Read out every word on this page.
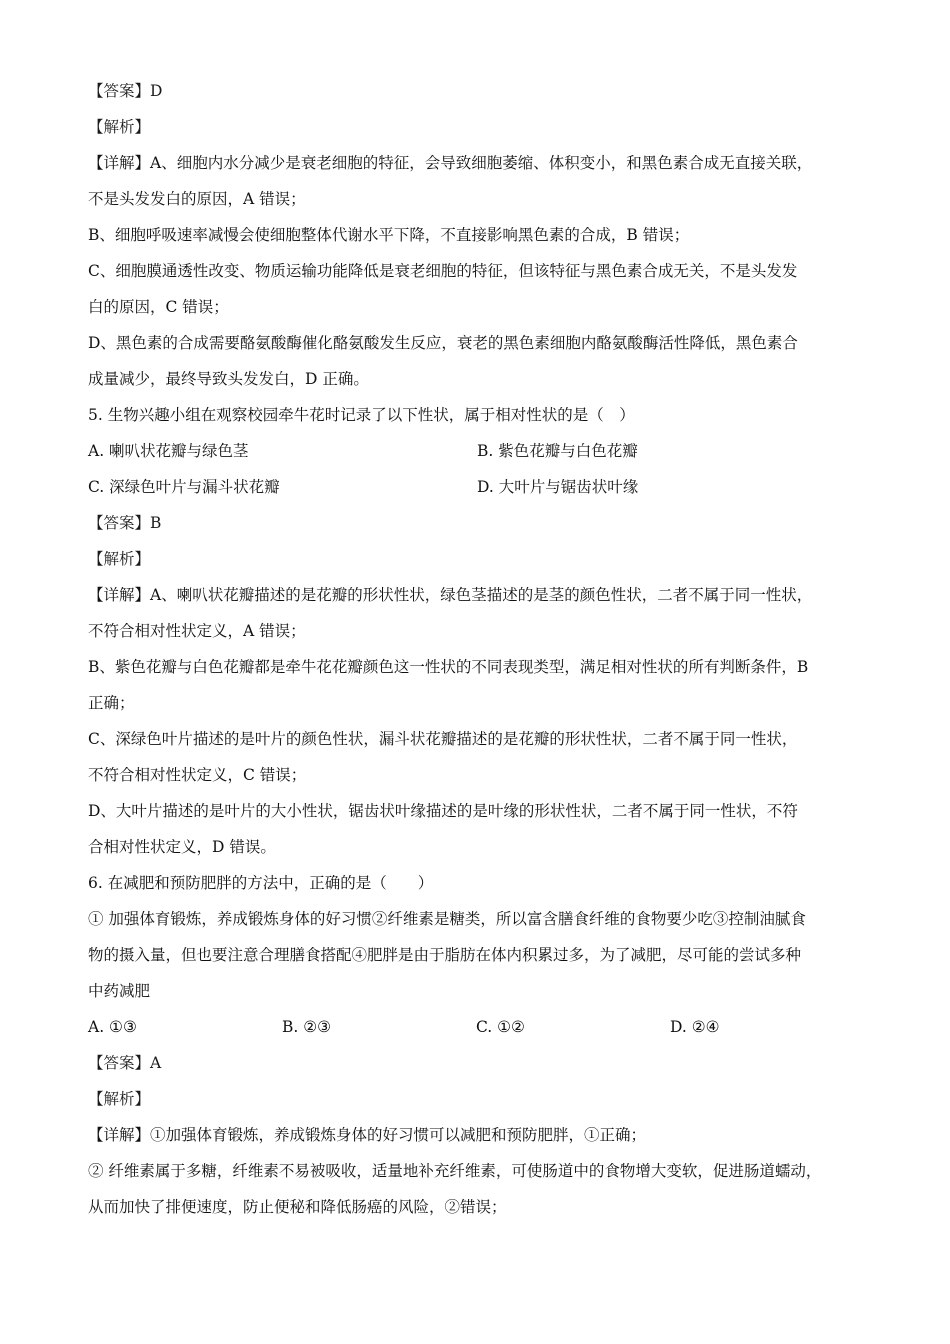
【答案】D
【解析】
【详解】A、细胞内水分减少是衰老细胞的特征，会导致细胞萎缩、体积变小，和黑色素合成无直接关联，
不是头发发白的原因，A 错误；
B、细胞呼吸速率减慢会使细胞整体代谢水平下降，不直接影响黑色素的合成，B 错误；
C、细胞膜通透性改变、物质运输功能降低是衰老细胞的特征，但该特征与黑色素合成无关，不是头发发
白的原因，C 错误；
D、黑色素的合成需要酪氨酸酶催化酪氨酸发生反应，衰老的黑色素细胞内酪氨酸酶活性降低，黑色素合
成量减少，最终导致头发发白，D 正确。
5. 生物兴趣小组在观察校园牵牛花时记录了以下性状，属于相对性状的是（　）
A. 喇叭状花瓣与绿色茎	B. 紫色花瓣与白色花瓣
C. 深绿色叶片与漏斗状花瓣	D. 大叶片与锯齿状叶缘
【答案】B
【解析】
【详解】A、喇叭状花瓣描述的是花瓣的形状性状，绿色茎描述的是茎的颜色性状，二者不属于同一性状，
不符合相对性状定义，A 错误；
B、紫色花瓣与白色花瓣都是牵牛花花瓣颜色这一性状的不同表现类型，满足相对性状的所有判断条件，B
正确；
C、深绿色叶片描述的是叶片的颜色性状，漏斗状花瓣描述的是花瓣的形状性状，二者不属于同一性状，
不符合相对性状定义，C 错误；
D、大叶片描述的是叶片的大小性状，锯齿状叶缘描述的是叶缘的形状性状，二者不属于同一性状，不符
合相对性状定义，D 错误。
6. 在减肥和预防肥胖的方法中，正确的是（　　）
① 加强体育锻炼，养成锻炼身体的好习惯②纤维素是糖类，所以富含膳食纤维的食物要少吃③控制油腻食
物的摄入量，但也要注意合理膳食搭配④肥胖是由于脂肪在体内积累过多，为了减肥，尽可能的尝试多种
中药减肥
A. ①③	B. ②③	C. ①②	D. ②④
【答案】A
【解析】
【详解】①加强体育锻炼，养成锻炼身体的好习惯可以减肥和预防肥胖，①正确；
② 纤维素属于多糖，纤维素不易被吸收，适量地补充纤维素，可使肠道中的食物增大变软，促进肠道蠕动，
从而加快了排便速度，防止便秘和降低肠癌的风险，②错误；
